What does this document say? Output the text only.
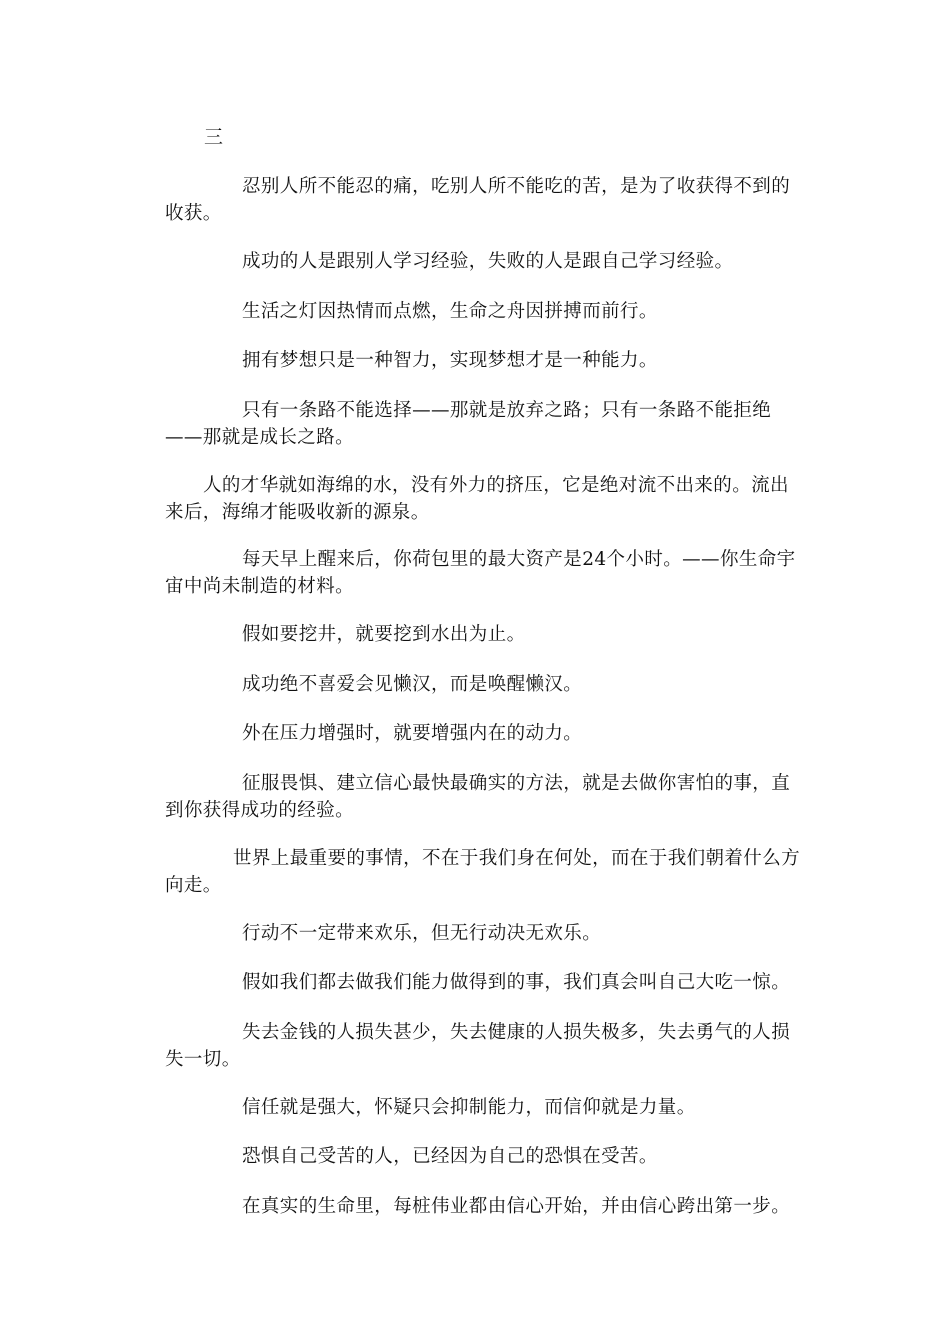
三

忍别人所不能忍的痛，吃别人所不能吃的苦，是为了收获得不到的收获。

成功的人是跟别人学习经验，失败的人是跟自己学习经验。

生活之灯因热情而点燃，生命之舟因拼搏而前行。

拥有梦想只是一种智力，实现梦想才是一种能力。

只有一条路不能选择——那就是放弃之路；只有一条路不能拒绝——那就是成长之路。

人的才华就如海绵的水，没有外力的挤压，它是绝对流不出来的。流出来后，海绵才能吸收新的源泉。

每天早上醒来后，你荷包里的最大资产是24个小时。——你生命宇宙中尚未制造的材料。

假如要挖井，就要挖到水出为止。

成功绝不喜爱会见懒汉，而是唤醒懒汉。

外在压力增强时，就要增强内在的动力。

征服畏惧、建立信心最快最确实的方法，就是去做你害怕的事，直到你获得成功的经验。

世界上最重要的事情，不在于我们身在何处，而在于我们朝着什么方向走。

行动不一定带来欢乐，但无行动决无欢乐。

假如我们都去做我们能力做得到的事，我们真会叫自己大吃一惊。

失去金钱的人损失甚少，失去健康的人损失极多，失去勇气的人损失一切。

信任就是强大，怀疑只会抑制能力，而信仰就是力量。

恐惧自己受苦的人，已经因为自己的恐惧在受苦。

在真实的生命里，每桩伟业都由信心开始，并由信心跨出第一步。
